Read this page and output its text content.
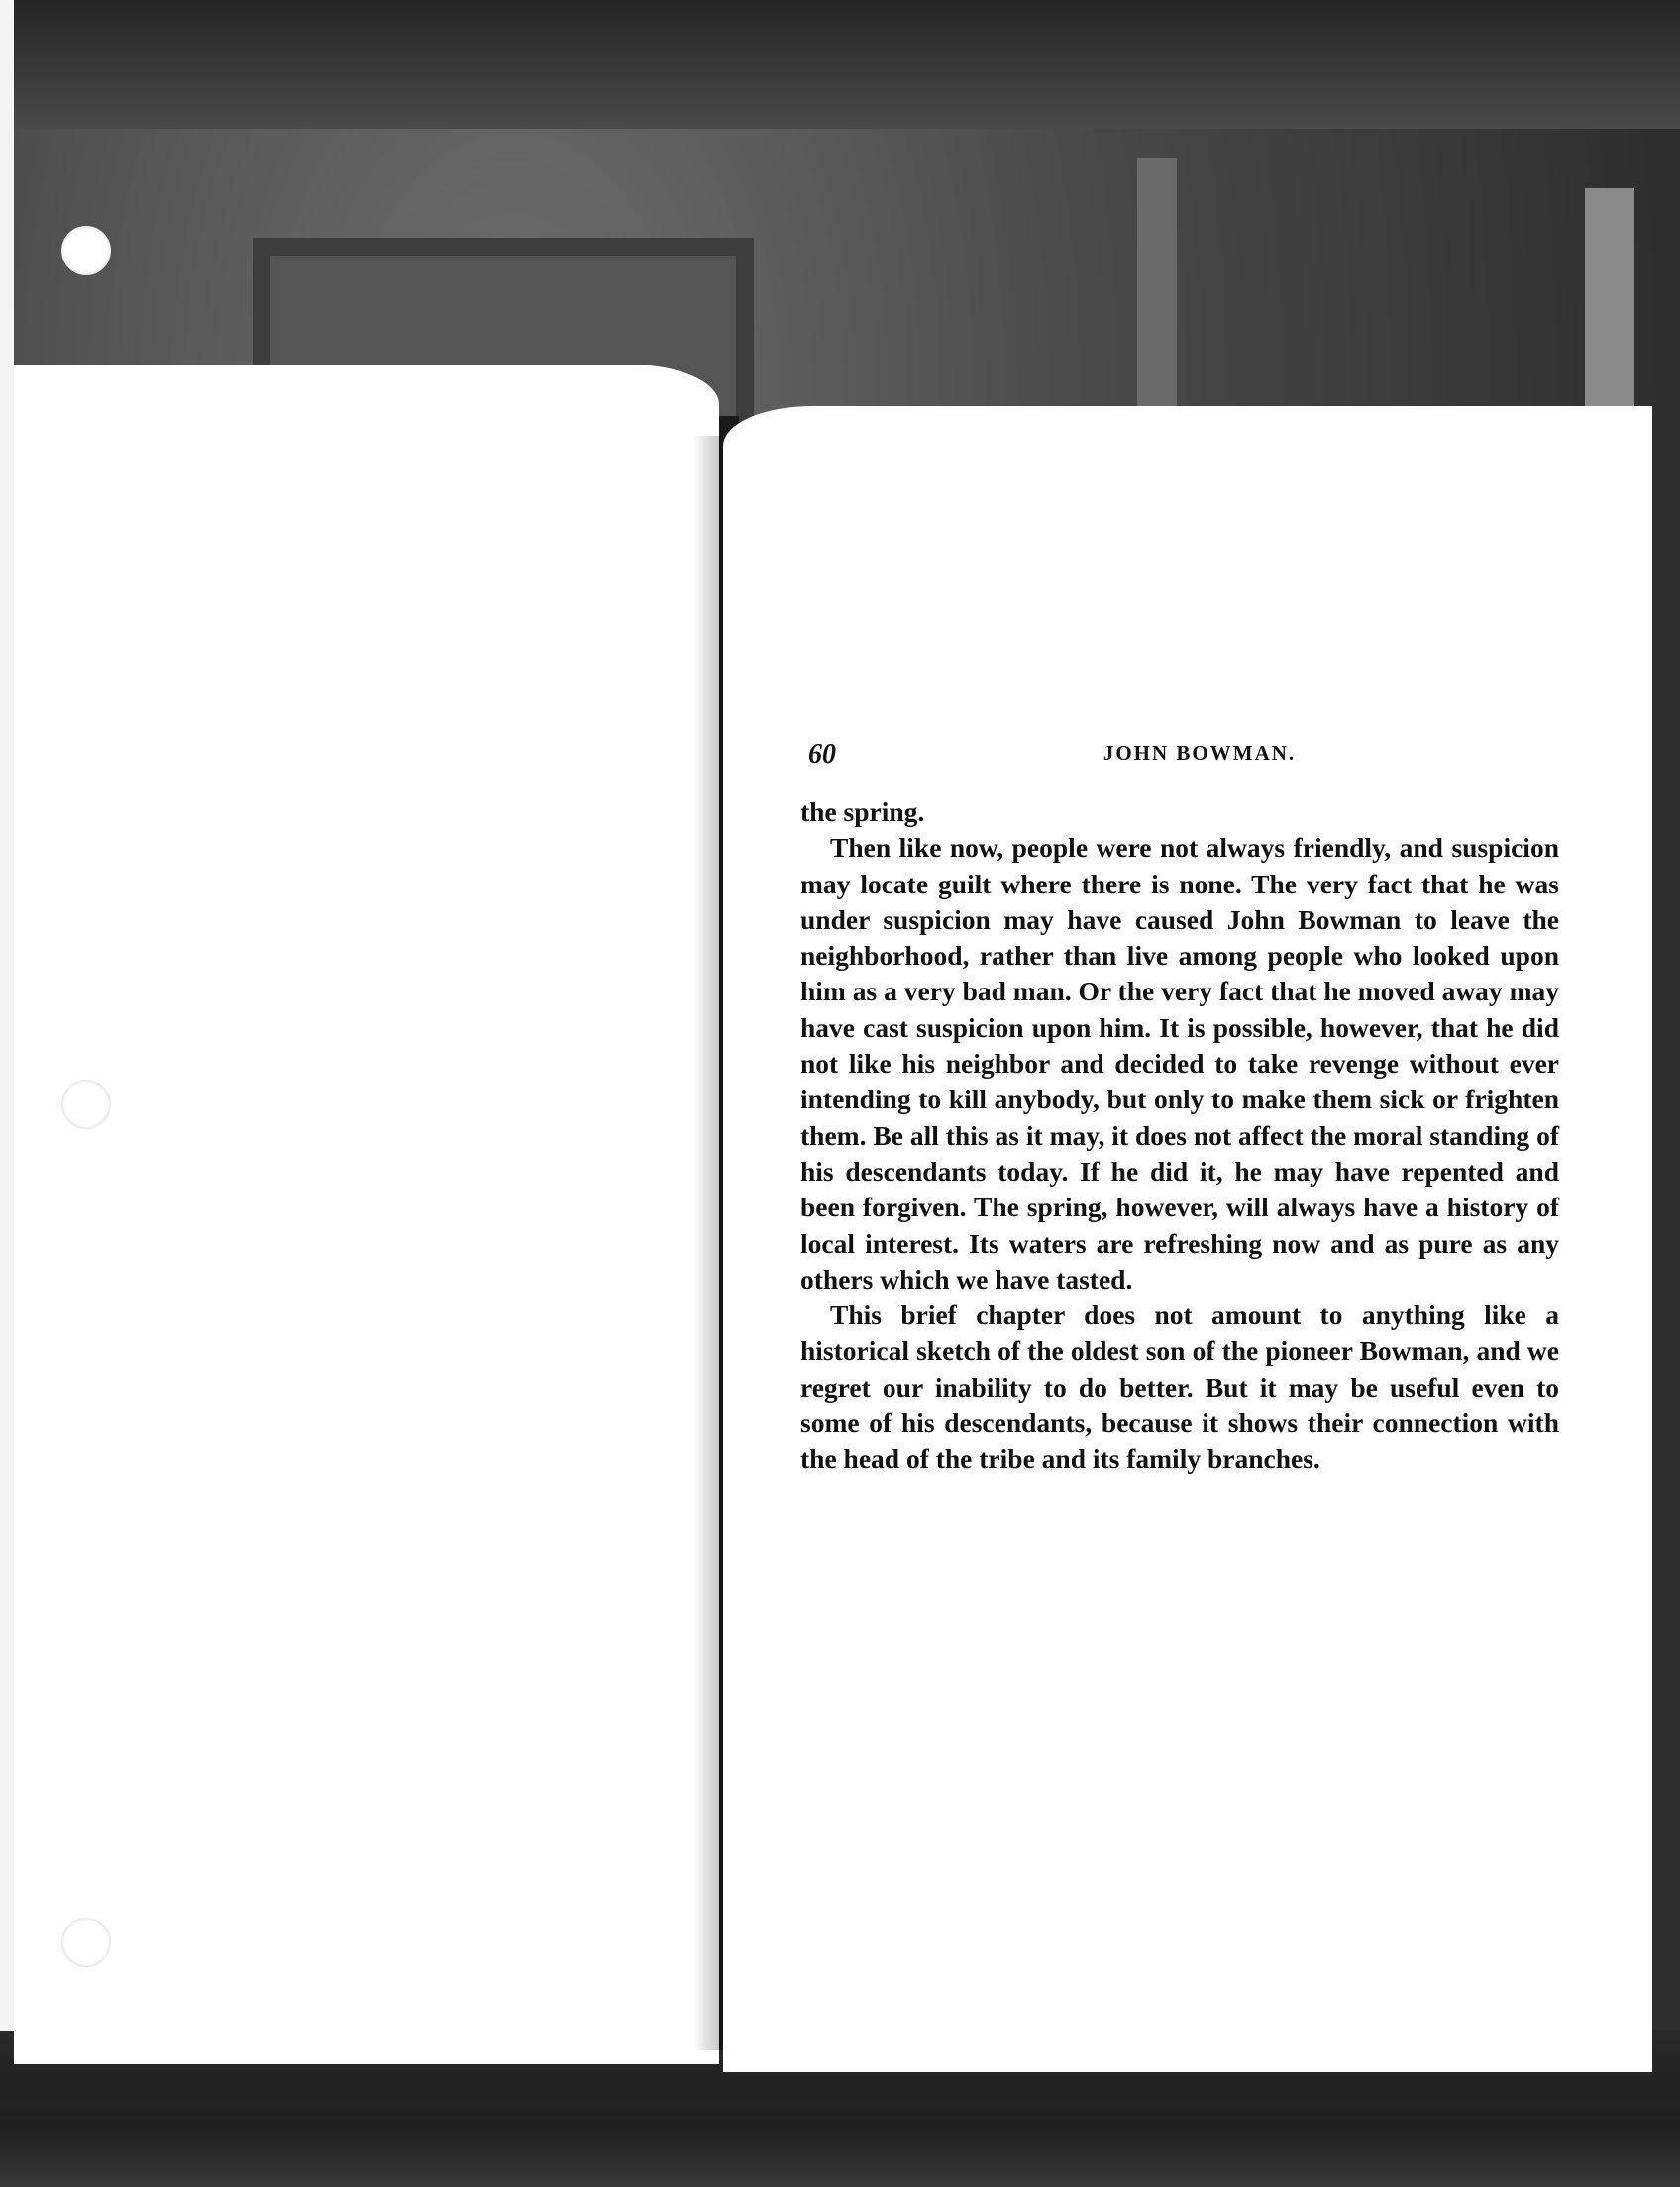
60	JOHN BOWMAN.

the spring.

Then like now, people were not always friendly, and suspicion may locate guilt where there is none. The very fact that he was under suspicion may have caused John Bowman to leave the neighborhood, rather than live among people who looked upon him as a very bad man. Or the very fact that he moved away may have cast suspicion upon him. It is possible, however, that he did not like his neighbor and decided to take revenge without ever intending to kill anybody, but only to make them sick or frighten them. Be all this as it may, it does not affect the moral standing of his descendants today. If he did it, he may have repented and been forgiven. The spring, however, will always have a history of local interest. Its waters are refreshing now and as pure as any others which we have tasted.

This brief chapter does not amount to anything like a historical sketch of the oldest son of the pioneer Bowman, and we regret our inability to do better. But it may be useful even to some of his descendants, because it shows their connection with the head of the tribe and its family branches.
